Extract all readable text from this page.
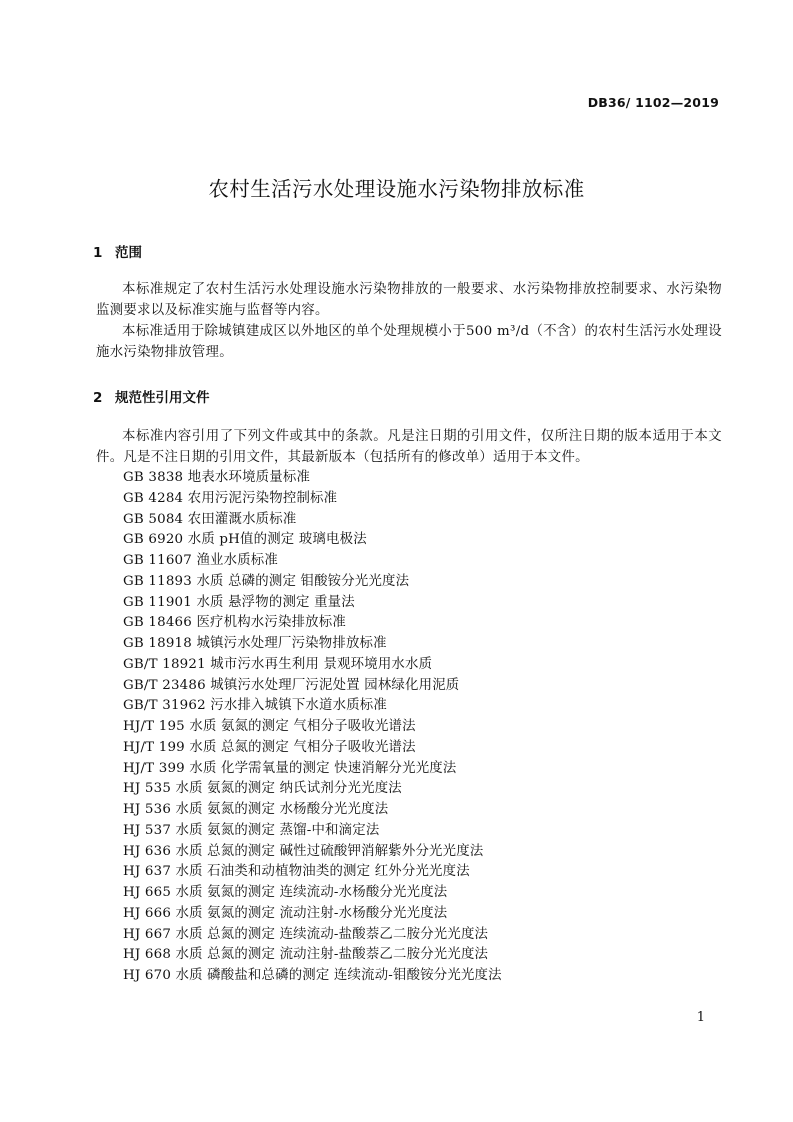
DB36/ 1102—2019
农村生活污水处理设施水污染物排放标准
1 范围

本标准规定了农村生活污水处理设施水污染物排放的一般要求、水污染物排放控制要求、水污染物监测要求以及标准实施与监督等内容。

本标准适用于除城镇建成区以外地区的单个处理规模小于500 m³/d（不含）的农村生活污水处理设施水污染物排放管理。

2 规范性引用文件

本标准内容引用了下列文件或其中的条款。凡是注日期的引用文件，仅所注日期的版本适用于本文件。凡是不注日期的引用文件，其最新版本（包括所有的修改单）适用于本文件。

GB 3838 地表水环境质量标准
GB 4284 农用污泥污染物控制标准
GB 5084 农田灌溉水质标准
GB 6920 水质 pH值的测定 玻璃电极法
GB 11607 渔业水质标准
GB 11893 水质 总磷的测定 钼酸铵分光光度法
GB 11901 水质 悬浮物的测定 重量法
GB 18466 医疗机构水污染排放标准
GB 18918 城镇污水处理厂污染物排放标准
GB/T 18921 城市污水再生利用 景观环境用水水质
GB/T 23486 城镇污水处理厂污泥处置 园林绿化用泥质
GB/T 31962 污水排入城镇下水道水质标准
HJ/T 195 水质 氨氮的测定 气相分子吸收光谱法
HJ/T 199 水质 总氮的测定 气相分子吸收光谱法
HJ/T 399 水质 化学需氧量的测定 快速消解分光光度法
HJ 535 水质 氨氮的测定 纳氏试剂分光光度法
HJ 536 水质 氨氮的测定 水杨酸分光光度法
HJ 537 水质 氨氮的测定 蒸馏-中和滴定法
HJ 636 水质 总氮的测定 碱性过硫酸钾消解紫外分光光度法
HJ 637 水质 石油类和动植物油类的测定 红外分光光度法
HJ 665 水质 氨氮的测定 连续流动-水杨酸分光光度法
HJ 666 水质 氨氮的测定 流动注射-水杨酸分光光度法
HJ 667 水质 总氮的测定 连续流动-盐酸萘乙二胺分光光度法
HJ 668 水质 总氮的测定 流动注射-盐酸萘乙二胺分光光度法
HJ 670 水质 磷酸盐和总磷的测定 连续流动-钼酸铵分光光度法
1
